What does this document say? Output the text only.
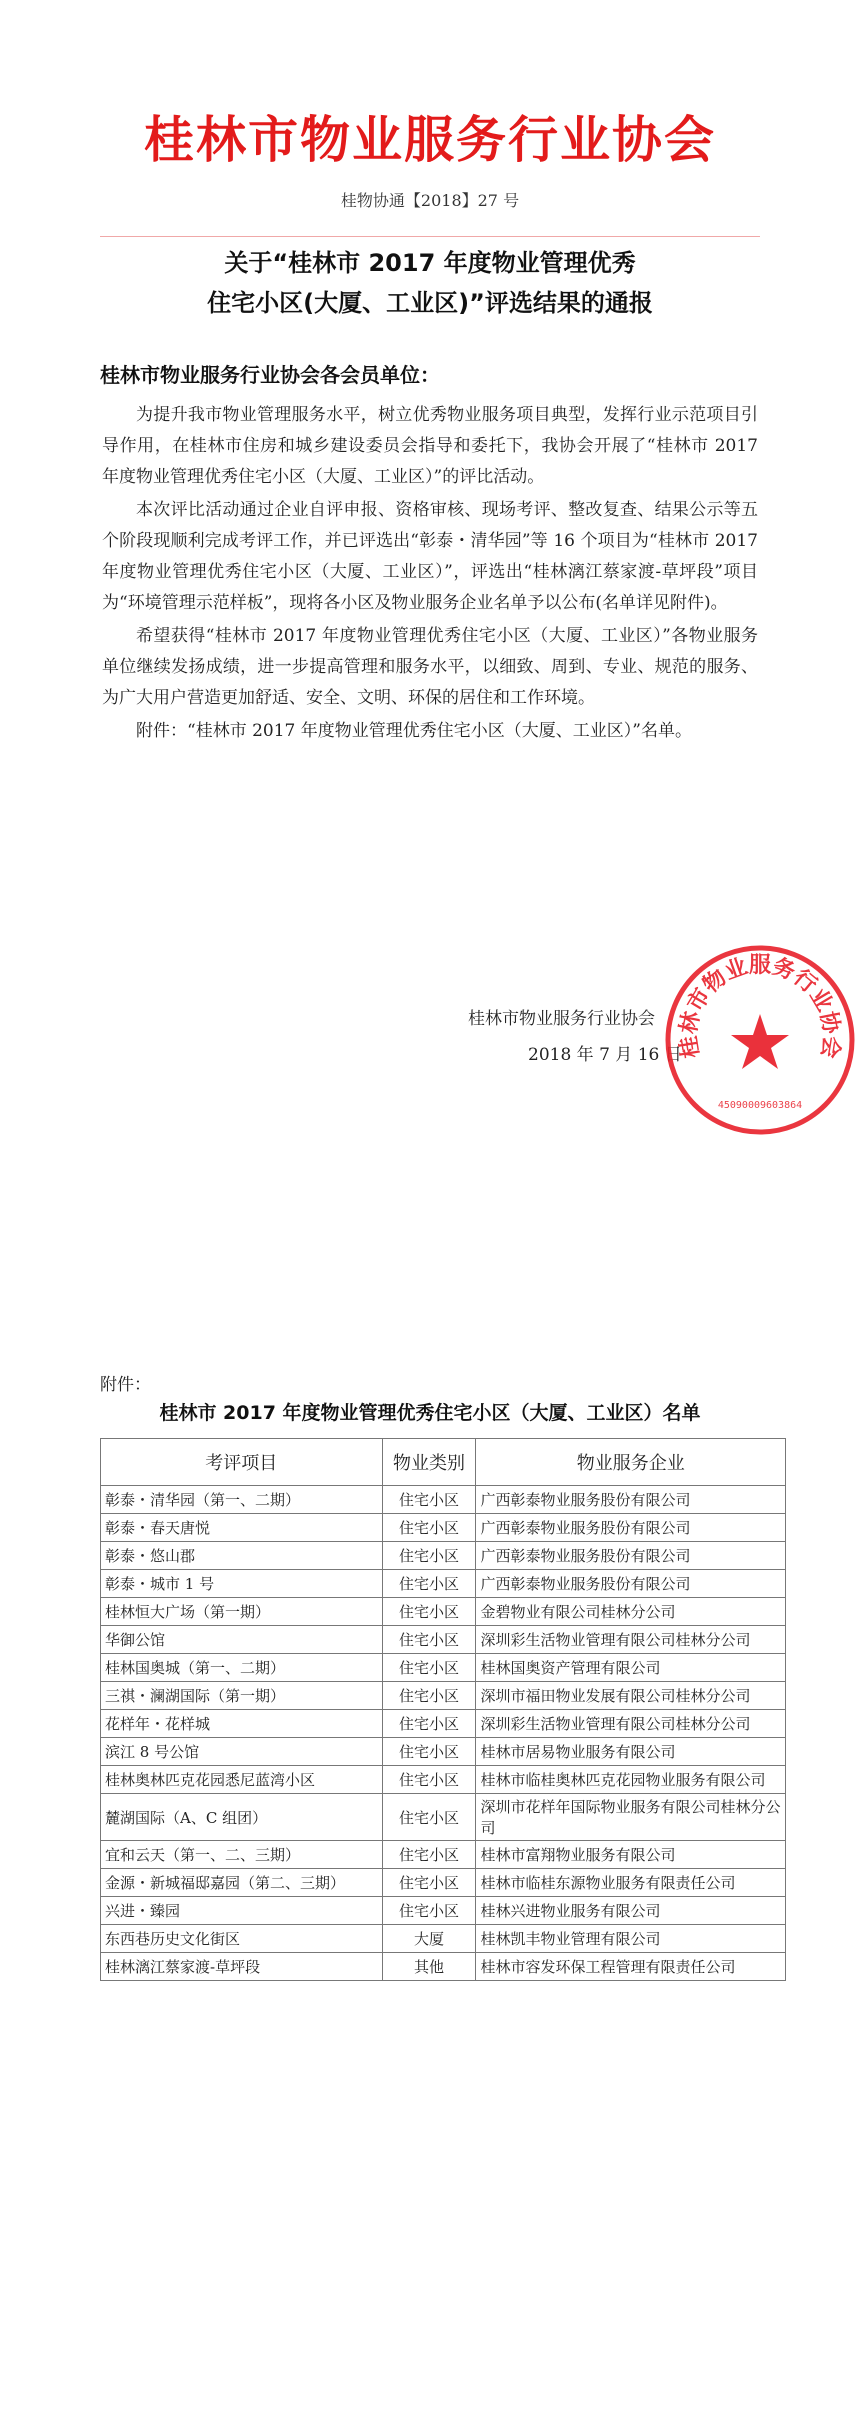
桂林市物业服务行业协会
桂物协通【2018】27 号
关于“桂林市 2017 年度物业管理优秀
住宅小区(大厦、工业区)”评选结果的通报
桂林市物业服务行业协会各会员单位：

为提升我市物业管理服务水平，树立优秀物业服务项目典型，发挥行业示范项目引导作用，在桂林市住房和城乡建设委员会指导和委托下，我协会开展了“桂林市 2017 年度物业管理优秀住宅小区（大厦、工业区）”的评比活动。

本次评比活动通过企业自评申报、资格审核、现场考评、整改复查、结果公示等五个阶段现顺利完成考评工作，并已评选出“彰泰・清华园”等 16 个项目为“桂林市 2017 年度物业管理优秀住宅小区（大厦、工业区）”，评选出“桂林漓江蔡家渡-草坪段”项目为“环境管理示范样板”，现将各小区及物业服务企业名单予以公布(名单详见附件)。

希望获得“桂林市 2017 年度物业管理优秀住宅小区（大厦、工业区）”各物业服务单位继续发扬成绩，进一步提高管理和服务水平，以细致、周到、专业、规范的服务、为广大用户营造更加舒适、安全、文明、环保的居住和工作环境。

附件：“桂林市 2017 年度物业管理优秀住宅小区（大厦、工业区）”名单。

桂林市物业服务行业协会
2018 年 7 月 16 日
桂林市物业服务行业协会
45090009603864
附件：
桂林市 2017 年度物业管理优秀住宅小区（大厦、工业区）名单
考评项目	物业类别	物业服务企业
彰泰・清华园（第一、二期）	住宅小区	广西彰泰物业服务股份有限公司
彰泰・春天唐悦	住宅小区	广西彰泰物业服务股份有限公司
彰泰・悠山郡	住宅小区	广西彰泰物业服务股份有限公司
彰泰・城市 1 号	住宅小区	广西彰泰物业服务股份有限公司
桂林恒大广场（第一期）	住宅小区	金碧物业有限公司桂林分公司
华御公馆	住宅小区	深圳彩生活物业管理有限公司桂林分公司
桂林国奥城（第一、二期）	住宅小区	桂林国奥资产管理有限公司
三祺・澜湖国际（第一期）	住宅小区	深圳市福田物业发展有限公司桂林分公司
花样年・花样城	住宅小区	深圳彩生活物业管理有限公司桂林分公司
滨江 8 号公馆	住宅小区	桂林市居易物业服务有限公司
桂林奥林匹克花园悉尼蓝湾小区	住宅小区	桂林市临桂奥林匹克花园物业服务有限公司
麓湖国际（A、C 组团）	住宅小区	深圳市花样年国际物业服务有限公司桂林分公司
宜和云天（第一、二、三期）	住宅小区	桂林市富翔物业服务有限公司
金源・新城福邸嘉园（第二、三期）	住宅小区	桂林市临桂东源物业服务有限责任公司
兴进・臻园	住宅小区	桂林兴进物业服务有限公司
东西巷历史文化街区	大厦	桂林凯丰物业管理有限公司
桂林漓江蔡家渡-草坪段	其他	桂林市容发环保工程管理有限责任公司
